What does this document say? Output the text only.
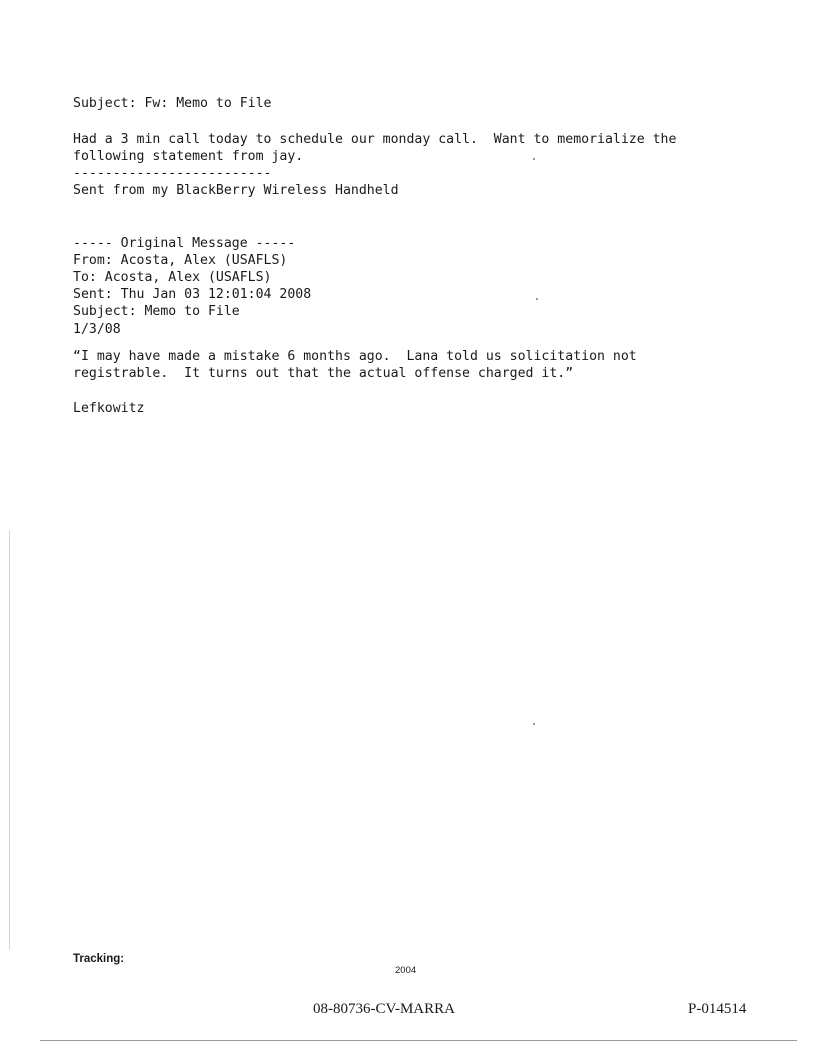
Subject: Fw: Memo to File
Had a 3 min call today to schedule our monday call.  Want to memorialize the
following statement from jay.
-------------------------
Sent from my BlackBerry Wireless Handheld
----- Original Message -----
From: Acosta, Alex (USAFLS)
To: Acosta, Alex (USAFLS)
Sent: Thu Jan 03 12:01:04 2008
Subject: Memo to File
1/3/08
“I may have made a mistake 6 months ago.  Lana told us solicitation not
registrable.  It turns out that the actual offense charged it.”
Lefkowitz
Tracking:
2004
08-80736-CV-MARRA	P-014514
